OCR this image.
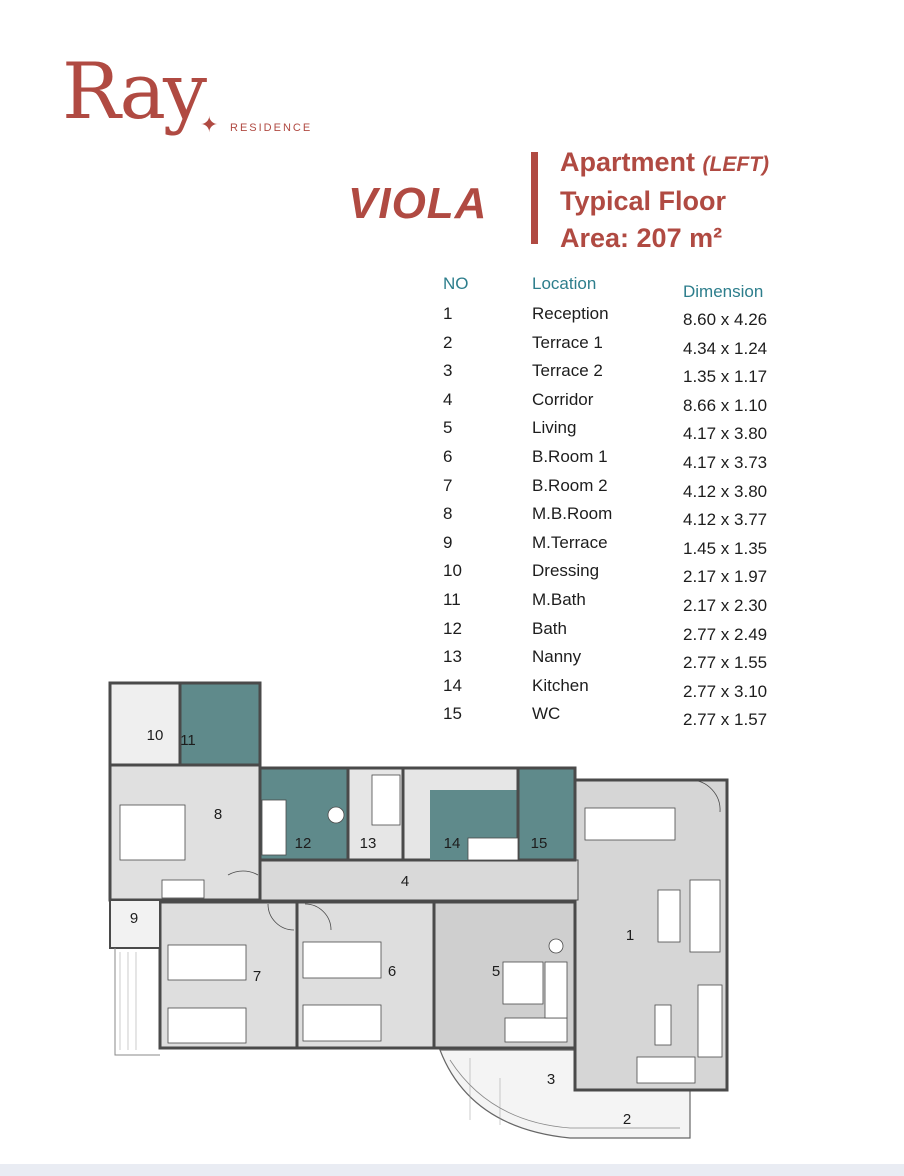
Ray
✦ RESIDENCE
VIOLA
Apartment (LEFT)
Typical Floor
Area: 207 m²
NO	Location	Dimension
1	Reception	8.60 x 4.26
2	Terrace 1	4.34 x 1.24
3	Terrace 2	1.35 x 1.17
4	Corridor	8.66 x 1.10
5	Living	4.17 x 3.80
6	B.Room 1	4.17 x 3.73
7	B.Room 2	4.12 x 3.80
8	M.B.Room	4.12 x 3.77
9	M.Terrace	1.45 x 1.35
10	Dressing	2.17 x 1.97
11	M.Bath	2.17 x 2.30
12	Bath	2.77 x 2.49
13	Nanny	2.77 x 1.55
14	Kitchen	2.77 x 3.10
15	WC	2.77 x 1.57
1
2
3
4
5
6
7
8
9
10 11
12	13	14	15
